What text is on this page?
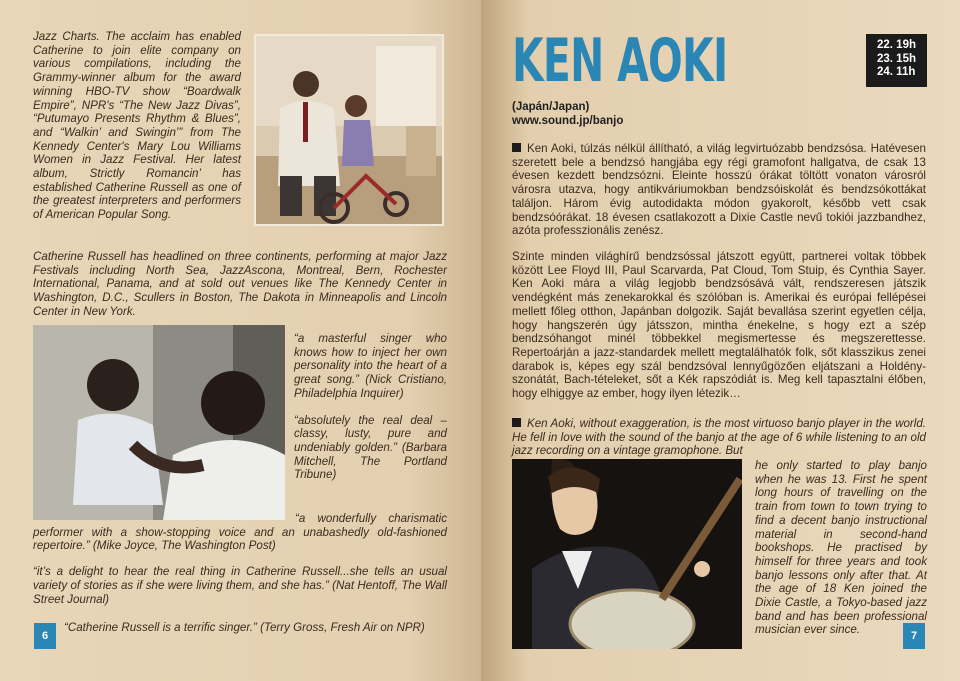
Jazz Charts. The acclaim has enabled Catherine to join elite company on various compilations, including the Grammy-winner album for the award winning HBO-TV show “Boardwalk Empire”, NPR's “The New Jazz Divas”, “Putumayo Presents Rhythm & Blues”, and “Walkin’ and Swingin’” from The Kennedy Center's Mary Lou Williams Women in Jazz Festival. Her latest album, Strictly Romancin’ has established Catherine Russell as one of the greatest interpreters and performers of American Popular Song.

Catherine Russell has headlined on three continents, performing at major Jazz Festivals including North Sea, JazzAscona, Montreal, Bern, Rochester International, Panama, and at sold out venues like The Kennedy Center in Washington, D.C., Scullers in Boston, The Dakota in Minneapolis and Lincoln Center in New York.

“a masterful singer who knows how to inject her own personality into the heart of a great song.” (Nick Cristiano, Philadelphia Inquirer)

“absolutely the real deal – classy, lusty, pure and undeniably golden.” (Barbara Mitchell, The Portland Tribune)

“a wonderfully charismatic performer with a show-stopping voice and an unabashedly old-fashioned repertoire.” (Mike Joyce, The Washington Post)

“it’s a delight to hear the real thing in Catherine Russell...she tells an usual variety of stories as if she were living them, and she has.” (Nat Hentoff, The Wall Street Journal)

“Catherine Russell is a terrific singer.” (Terry Gross, Fresh Air on NPR)

6
KEN AOKI	22. 19h
23. 15h
24. 11h
(Japán/Japan)
www.sound.jp/banjo
Ken Aoki, túlzás nélkül állítható, a világ legvirtuózabb bendzsósa. Hatévesen szeretett bele a bendzsó hangjába egy régi gramofont hallgatva, de csak 13 évesen kezdett bendzsózni. Eleinte hosszú órákat töltött vonaton városról városra utazva, hogy antikváriumokban bendzsóiskolát és bendzsókottákat találjon. Három évig autodidakta módon gyakorolt, később vett csak bendzsóórákat. 18 évesen csatlakozott a Dixie Castle nevű tokiói jazzbandhez, azóta professzionális zenész.

Szinte minden világhírű bendzsóssal játszott együtt, partnerei voltak többek között Lee Floyd III, Paul Scarvarda, Pat Cloud, Tom Stuip, és Cynthia Sayer. Ken Aoki mára a világ legjobb bendzsósává vált, rendszeresen játszik vendégként más zenekarokkal és szólóban is. Amerikai és európai fellépései mellett főleg otthon, Japánban dolgozik. Saját bevallása szerint egyetlen célja, hogy hangszerén úgy játsszon, mintha énekelne, s hogy ezt a szép bendzsóhangot minél többekkel megismertesse és megszerettesse. Repertoárján a jazz-standardek mellett megtalálhatók folk, sőt klasszikus zenei darabok is, képes egy szál bendzsóval lennyűgözően eljátszani a Holdény-szonátát, Bach-tételeket, sőt a Kék rapszódiát is. Meg kell tapasztalni élőben, hogy elhiggye az ember, hogy ilyen létezik…

Ken Aoki, without exaggeration, is the most virtuoso banjo player in the world. He fell in love with the sound of the banjo at the age of 6 while listening to an old jazz recording on a vintage gramophone. But

he only started to play banjo when he was 13. First he spent long hours of travelling on the train from town to town trying to find a decent banjo instructional material in second-hand bookshops. He practised by himself for three years and took banjo lessons only after that. At the age of 18 Ken joined the Dixie Castle, a Tokyo-based jazz band and has been professional musician ever since.	7
